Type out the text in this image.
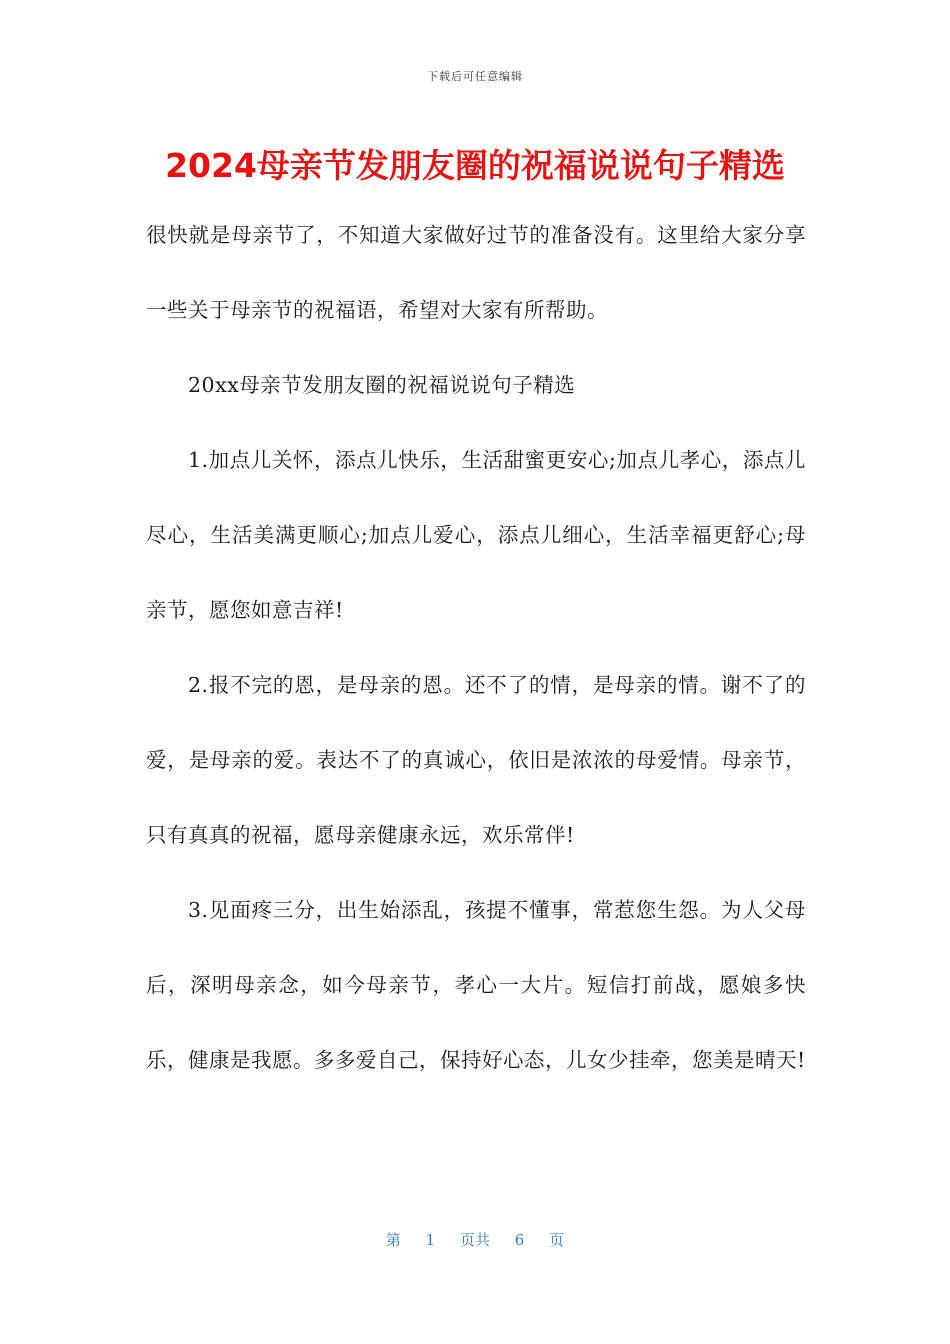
下载后可任意编辑
2024母亲节发朋友圈的祝福说说句子精选

很快就是母亲节了，不知道大家做好过节的准备没有。这里给大家分享一些关于母亲节的祝福语，希望对大家有所帮助。

20xx母亲节发朋友圈的祝福说说句子精选

1.加点儿关怀，添点儿快乐，生活甜蜜更安心;加点儿孝心，添点儿尽心，生活美满更顺心;加点儿爱心，添点儿细心，生活幸福更舒心;母亲节，愿您如意吉祥!

2.报不完的恩，是母亲的恩。还不了的情，是母亲的情。谢不了的爱，是母亲的爱。表达不了的真诚心，依旧是浓浓的母爱情。母亲节，只有真真的祝福，愿母亲健康永远，欢乐常伴!

3.见面疼三分，出生始添乱，孩提不懂事，常惹您生怨。为人父母后，深明母亲念，如今母亲节，孝心一大片。短信打前战，愿娘多快乐，健康是我愿。多多爱自己，保持好心态，儿女少挂牵，您美是晴天!

第 1 页共 6 页
